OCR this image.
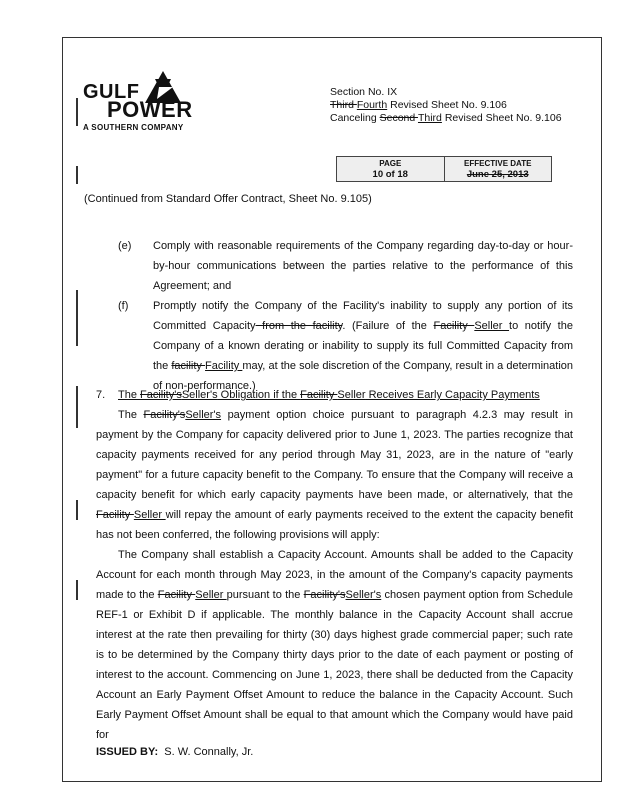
GULF
POWER
A SOUTHERN COMPANY
Section No. IX
Third Fourth Revised Sheet No. 9.106
Canceling Second Third Revised Sheet No. 9.106
PAGE
10 of 18
EFFECTIVE DATE
June 25, 2013
(Continued from Standard Offer Contract, Sheet No. 9.105)
(e) Comply with reasonable requirements of the Company regarding day-to-day or hour-by-hour communications between the parties relative to the performance of this Agreement; and
(f) Promptly notify the Company of the Facility's inability to supply any portion of its Committed Capacity from the facility. (Failure of the Facility Seller to notify the Company of a known derating or inability to supply its full Committed Capacity from the facility Facility may, at the sole discretion of the Company, result in a determination of non-performance.)
7. The Facility'sSeller's Obligation if the Facility Seller Receives Early Capacity Payments
The Facility'sSeller's payment option choice pursuant to paragraph 4.2.3 may result in payment by the Company for capacity delivered prior to June 1, 2023. The parties recognize that capacity payments received for any period through May 31, 2023, are in the nature of "early payment" for a future capacity benefit to the Company. To ensure that the Company will receive a capacity benefit for which early capacity payments have been made, or alternatively, that the Facility Seller will repay the amount of early payments received to the extent the capacity benefit has not been conferred, the following provisions will apply:
The Company shall establish a Capacity Account. Amounts shall be added to the Capacity Account for each month through May 2023, in the amount of the Company's capacity payments made to the Facility Seller pursuant to the Facility'sSeller's chosen payment option from Schedule REF-1 or Exhibit D if applicable. The monthly balance in the Capacity Account shall accrue interest at the rate then prevailing for thirty (30) days highest grade commercial paper; such rate is to be determined by the Company thirty days prior to the date of each payment or posting of interest to the account. Commencing on June 1, 2023, there shall be deducted from the Capacity Account an Early Payment Offset Amount to reduce the balance in the Capacity Account. Such Early Payment Offset Amount shall be equal to that amount which the Company would have paid for
ISSUED BY: S. W. Connally, Jr.
